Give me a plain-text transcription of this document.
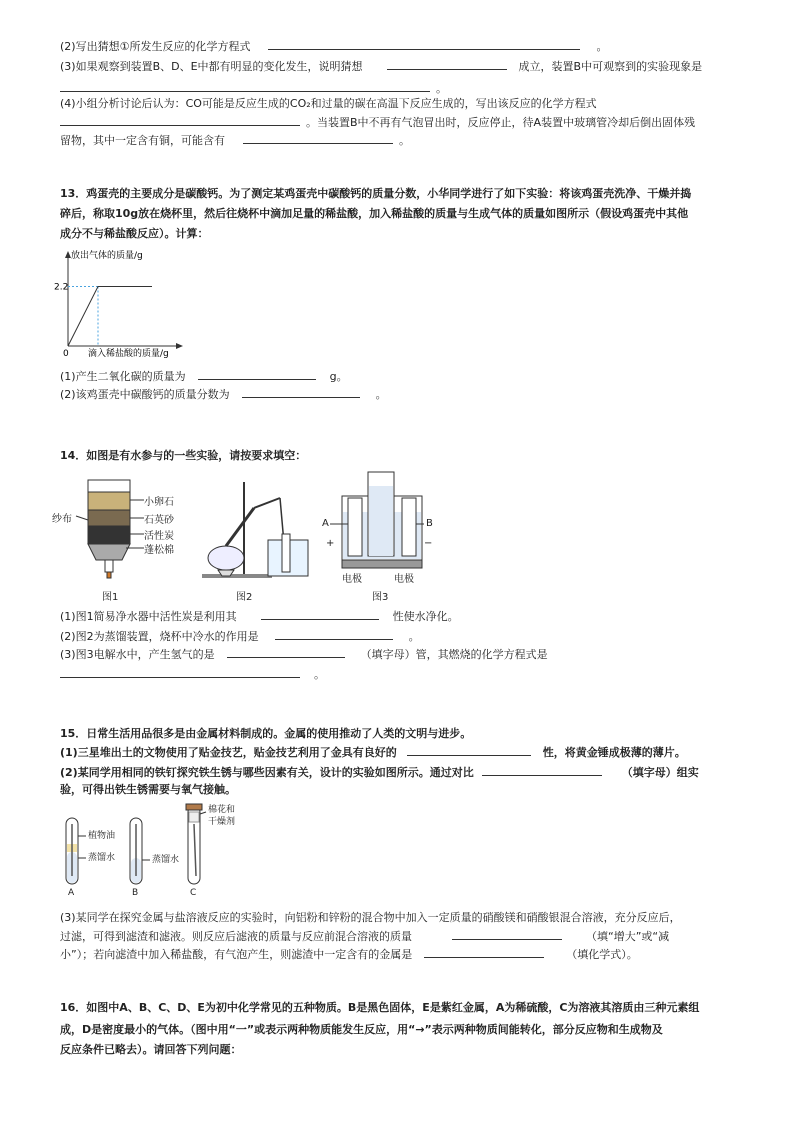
(2)写出猜想①所发生反应的化学方程式	。
(3)如果观察到装置B、D、E中都有明显的变化发生，说明猜想	成立，装置B中可观察到的实验现象是
。
(4)小组分析讨论后认为：CO可能是反应生成的CO₂和过量的碳在高温下反应生成的，写出该反应的化学方程式
。当装置B中不再有气泡冒出时，反应停止，待A装置中玻璃管冷却后倒出固体残
留物，其中一定含有铜，可能含有	。
13．鸡蛋壳的主要成分是碳酸钙。为了测定某鸡蛋壳中碳酸钙的质量分数，小华同学进行了如下实验：将该鸡蛋壳洗净、干燥并捣
碎后，称取10g放在烧杯里，然后往烧杯中滴加足量的稀盐酸，加入稀盐酸的质量与生成气体的质量如图所示（假设鸡蛋壳中其他
成分不与稀盐酸反应）。计算：
放出气体的质量/g
2.2
0 滴入稀盐酸的质量/g
(1)产生二氧化碳的质量为	g。
(2)该鸡蛋壳中碳酸钙的质量分数为	。
14．如图是有水参与的一些实验，请按要求填空：
小卵石
石英砂
活性炭
蓬松棉
纱布
图1	图2
A	B
+	−
电极	电极
图3
(1)图1简易净水器中活性炭是利用其	性使水净化。
(2)图2为蒸馏装置，烧杯中冷水的作用是	。
(3)图3电解水中，产生氢气的是	（填字母）管，其燃烧的化学方程式是
。
15．日常生活用品很多是由金属材料制成的。金属的使用推动了人类的文明与进步。
(1)三星堆出土的文物使用了贴金技艺，贴金技艺利用了金具有良好的	性，将黄金锤成极薄的薄片。
(2)某同学用相同的铁钉探究铁生锈与哪些因素有关，设计的实验如图所示。通过对比	（填字母）组实
验，可得出铁生锈需要与氧气接触。
植物油
蒸馏水	蒸馏水
棉花和
干燥剂
A	B	C
(3)某同学在探究金属与盐溶液反应的实验时，向铝粉和锌粉的混合物中加入一定质量的硝酸镁和硝酸银混合溶液，充分反应后，
过滤，可得到滤渣和滤液。则反应后滤液的质量与反应前混合溶液的质量	（填“增大”或“减
小”）；若向滤渣中加入稀盐酸，有气泡产生，则滤渣中一定含有的金属是	（填化学式）。
16．如图中A、B、C、D、E为初中化学常见的五种物质。B是黑色固体，E是紫红金属，A为稀硫酸，C为溶液其溶质由三种元素组
成，D是密度最小的气体。（图中用“一”或表示两种物质能发生反应，用“→”表示两种物质间能转化，部分反应物和生成物及
反应条件已略去）。请回答下列问题：
